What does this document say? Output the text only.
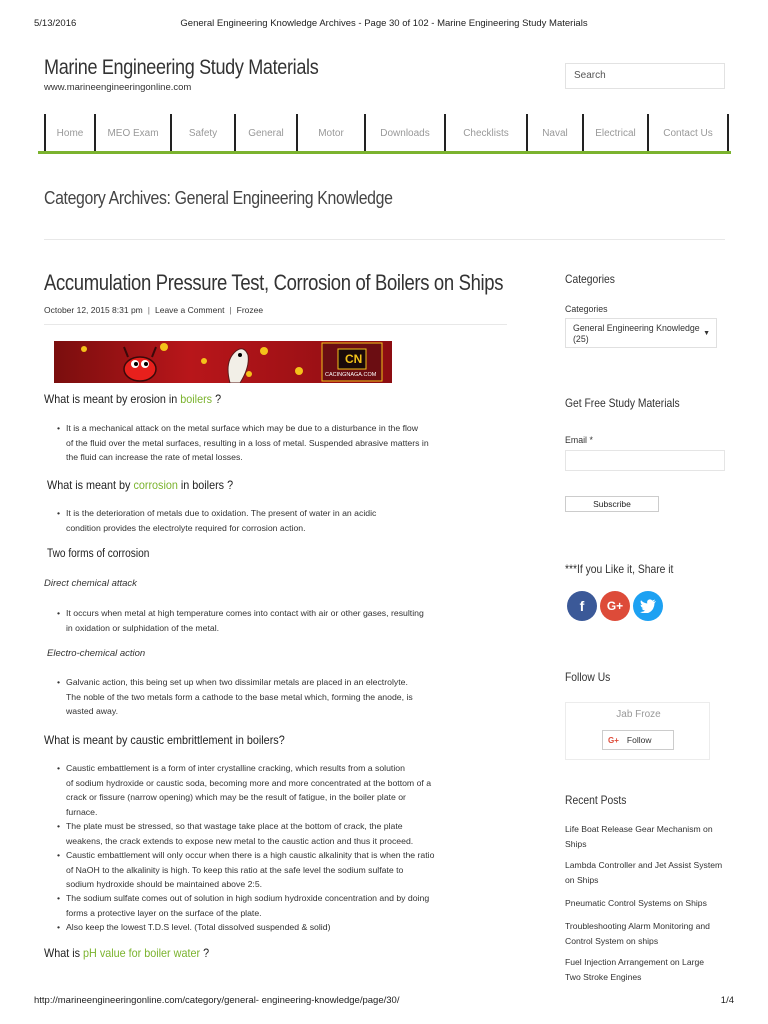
5/13/2016	General Engineering Knowledge Archives - Page 30 of 102 - Marine Engineering Study Materials
Marine Engineering Study Materials
www.marineengineeringonline.com
Search
Home	MEO Exam	Safety	General	Motor	Downloads	Checklists	Naval	Electrical	Contact Us
Category Archives: General Engineering Knowledge
Accumulation Pressure Test, Corrosion of Boilers on Ships
October 12, 2015 8:31 pm | Leave a Comment | Frozee
CN
CACINGNAGA.COM
What is meant by erosion in boilers ?
• It is a mechanical attack on the metal surface which may be due to a disturbance in the flow
of the fluid over the metal surfaces, resulting in a loss of metal. Suspended abrasive matters in
the fluid can increase the rate of metal losses.
What is meant by corrosion in boilers ?
• It is the deterioration of metals due to oxidation. The present of water in an acidic
condition provides the electrolyte required for corrosion action.
Two forms of corrosion
Direct chemical attack
• It occurs when metal at high temperature comes into contact with air or other gases, resulting
in oxidation or sulphidation of the metal.
Electro-chemical action
• Galvanic action, this being set up when two dissimilar metals are placed in an electrolyte.
The noble of the two metals form a cathode to the base metal which, forming the anode, is
wasted away.
What is meant by caustic embrittlement in boilers?
• Caustic embattlement is a form of inter crystalline cracking, which results from a solution
of sodium hydroxide or caustic soda, becoming more and more concentrated at the bottom of a
crack or fissure (narrow opening) which may be the result of fatigue, in the boiler plate or
furnace.
• The plate must be stressed, so that wastage take place at the bottom of crack, the plate
weakens, the crack extends to expose new metal to the caustic action and thus it proceed.
• Caustic embattlement will only occur when there is a high caustic alkalinity that is when the ratio
of NaOH to the alkalinity is high. To keep this ratio at the safe level the sodium sulfate to
sodium hydroxide should be maintained above 2:5.
• The sodium sulfate comes out of solution in high sodium hydroxide concentration and by doing
forms a protective layer on the surface of the plate.
• Also keep the lowest T.D.S level. (Total dissolved suspended & solid)
What is pH value for boiler water ?
Categories
Categories
General Engineering Knowledge (25)
▼
Get Free Study Materials
Email *
Subscribe
***If you Like it, Share it
f	G+
Follow Us
Jab Froze
G+ Follow
Recent Posts
Life Boat Release Gear Mechanism on Ships
Lambda Controller and Jet Assist System on Ships
Pneumatic Control Systems on Ships
Troubleshooting Alarm Monitoring and Control System on ships
Fuel Injection Arrangement on Large Two Stroke Engines
http://marineengineeringonline.com/category/general- engineering-knowledge/page/30/	1/4
